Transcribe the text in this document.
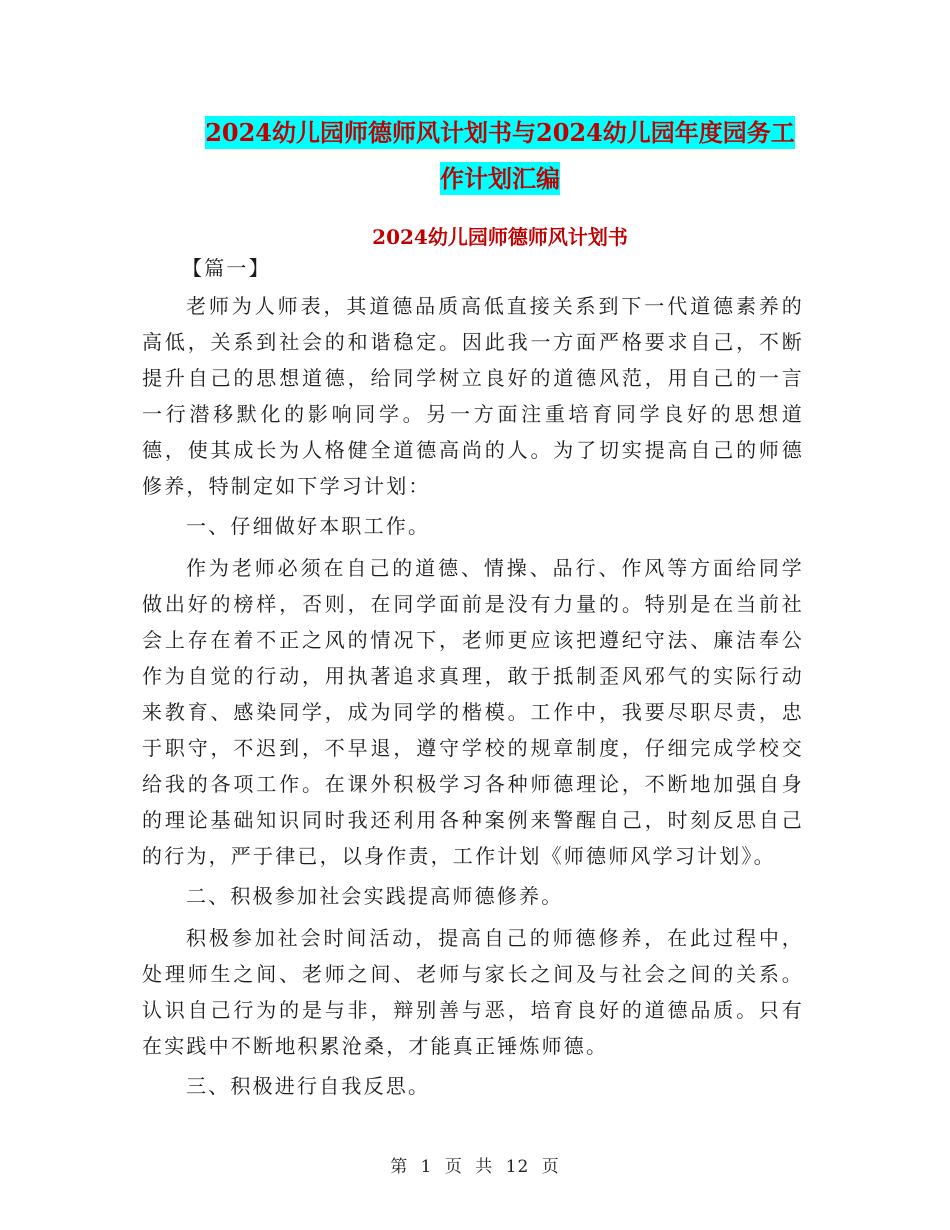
2024幼儿园师德师风计划书与2024幼儿园年度园务工
作计划汇编
2024幼儿园师德师风计划书

【篇一】

老师为人师表，其道德品质高低直接关系到下一代道德素养的高低，关系到社会的和谐稳定。因此我一方面严格要求自己，不断提升自己的思想道德，给同学树立良好的道德风范，用自己的一言一行潜移默化的影响同学。另一方面注重培育同学良好的思想道德，使其成长为人格健全道德高尚的人。为了切实提高自己的师德修养，特制定如下学习计划：

一、仔细做好本职工作。

作为老师必须在自己的道德、情操、品行、作风等方面给同学做出好的榜样，否则，在同学面前是没有力量的。特别是在当前社会上存在着不正之风的情况下，老师更应该把遵纪守法、廉洁奉公作为自觉的行动，用执著追求真理，敢于抵制歪风邪气的实际行动来教育、感染同学，成为同学的楷模。工作中，我要尽职尽责，忠于职守，不迟到，不早退，遵守学校的规章制度，仔细完成学校交给我的各项工作。在课外积极学习各种师德理论，不断地加强自身的理论基础知识同时我还利用各种案例来警醒自己，时刻反思自己的行为，严于律已，以身作责，工作计划《师德师风学习计划》。

二、积极参加社会实践提高师德修养。

积极参加社会时间活动，提高自己的师德修养，在此过程中，处理师生之间、老师之间、老师与家长之间及与社会之间的关系。认识自己行为的是与非，辩别善与恶，培育良好的道德品质。只有在实践中不断地积累沧桑，才能真正锤炼师德。

三、积极进行自我反思。

第 1 页 共 12 页
